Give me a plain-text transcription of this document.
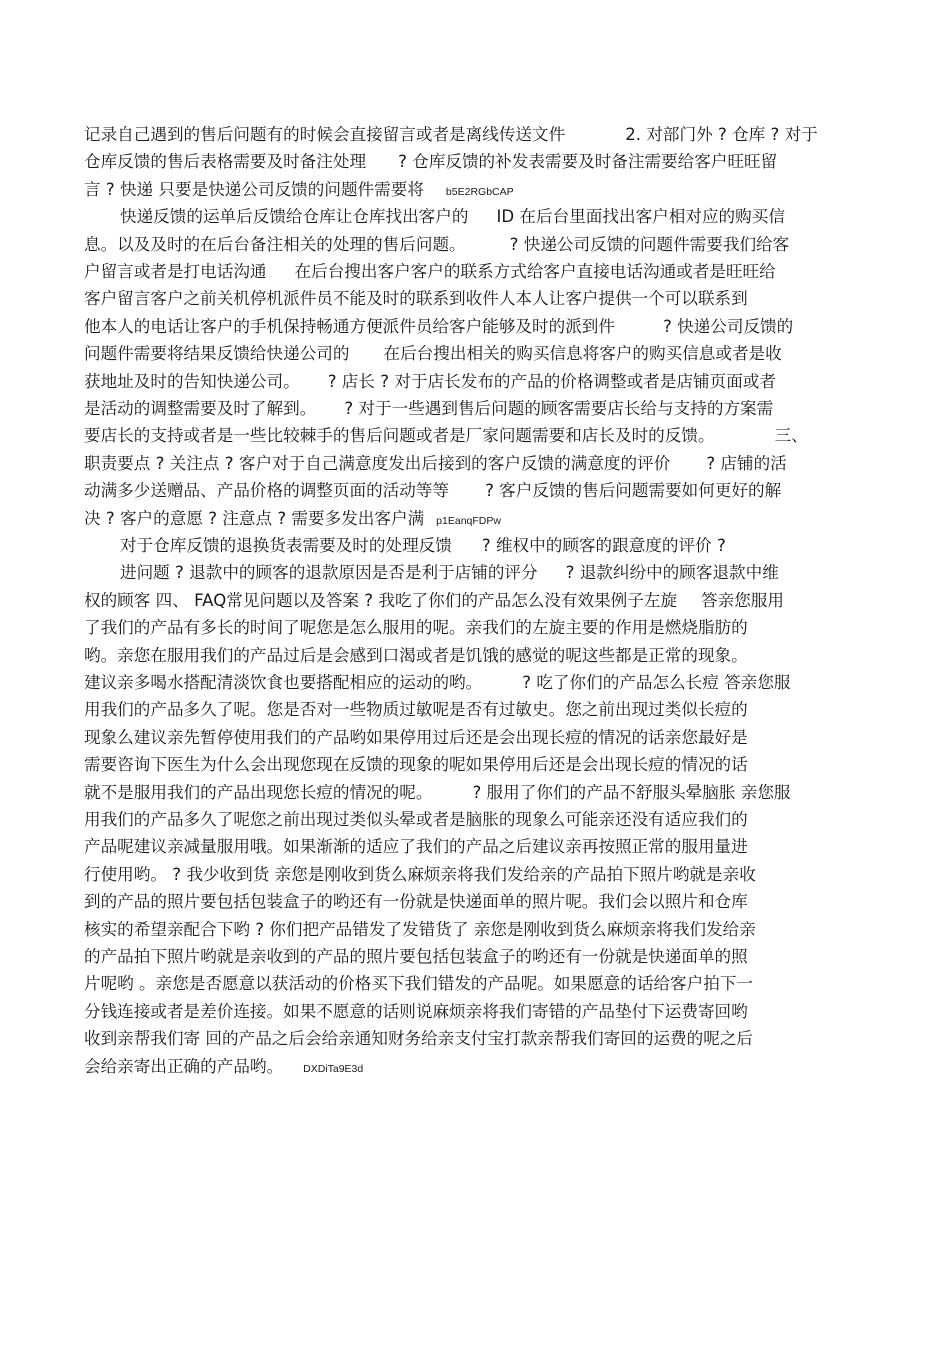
记录自己遇到的售后问题有的时候会直接留言或者是离线传送文件	2. 对部门外 ? 仓库 ? 对于
仓库反馈的售后表格需要及时备注处理 ? 仓库反馈的补发表需要及时备注需要给客户旺旺留
言 ? 快递 只要是快递公司反馈的问题件需要将 b5E2RGbCAP
快递反馈的运单后反馈给仓库让仓库找出客户的 ID 在后台里面找出客户相对应的购买信
息。以及及时的在后台备注相关的处理的售后问题。	? 快递公司反馈的问题件需要我们给客
户留言或者是打电话沟通 在后台搜出客户客户的联系方式给客户直接电话沟通或者是旺旺给
客户留言客户之前关机停机派件员不能及时的联系到收件人本人让客户提供一个可以联系到
他本人的电话让客户的手机保持畅通方便派件员给客户能够及时的派到件	? 快递公司反馈的
问题件需要将结果反馈给快递公司的 在后台搜出相关的购买信息将客户的购买信息或者是收
获地址及时的告知快递公司。 ? 店长 ? 对于店长发布的产品的价格调整或者是店铺页面或者
是活动的调整需要及时了解到。 ? 对于一些遇到售后问题的顾客需要店长给与支持的方案需
要店长的支持或者是一些比较棘手的售后问题或者是厂家问题需要和店长及时的反馈。	三、
职责要点 ? 关注点 ? 客户对于自己满意度发出后接到的客户反馈的满意度的评价 ? 店铺的活
动满多少送赠品、产品价格的调整页面的活动等等 ? 客户反馈的售后问题需要如何更好的解
决 ? 客户的意愿 ? 注意点 ? 需要多发出客户满 p1EanqFDPw
对于仓库反馈的退换货表需要及时的处理反馈 ? 维权中的顾客的跟意度的评价 ?
进问题 ? 退款中的顾客的退款原因是否是利于店铺的评分 ? 退款纠纷中的顾客退款中维
权的顾客 四、 FAQ常见问题以及答案 ? 我吃了你们的产品怎么没有效果例子左旋 答亲您服用
了我们的产品有多长的时间了呢您是怎么服用的呢。亲我们的左旋主要的作用是燃烧脂肪的
哟。亲您在服用我们的产品过后是会感到口渴或者是饥饿的感觉的呢这些都是正常的现象。
建议亲多喝水搭配清淡饮食也要搭配相应的运动的哟。 ? 吃了你们的产品怎么长痘 答亲您服
用我们的产品多久了呢。您是否对一些物质过敏呢是否有过敏史。您之前出现过类似长痘的
现象么建议亲先暂停使用我们的产品哟如果停用过后还是会出现长痘的情况的话亲您最好是
需要咨询下医生为什么会出现您现在反馈的现象的呢如果停用后还是会出现长痘的情况的话
就不是服用我们的产品出现您长痘的情况的呢。 ? 服用了你们的产品不舒服头晕脑胀 亲您服
用我们的产品多久了呢您之前出现过类似头晕或者是脑胀的现象么可能亲还没有适应我们的
产品呢建议亲减量服用哦。如果渐渐的适应了我们的产品之后建议亲再按照正常的服用量进
行使用哟。 ? 我少收到货 亲您是刚收到货么麻烦亲将我们发给亲的产品拍下照片哟就是亲收
到的产品的照片要包括包装盒子的哟还有一份就是快递面单的照片呢。我们会以照片和仓库
核实的希望亲配合下哟 ? 你们把产品错发了发错货了 亲您是刚收到货么麻烦亲将我们发给亲
的产品拍下照片哟就是亲收到的产品的照片要包括包装盒子的哟还有一份就是快递面单的照
片呢哟 。亲您是否愿意以获活动的价格买下我们错发的产品呢。如果愿意的话给客户拍下一
分钱连接或者是差价连接。如果不愿意的话则说麻烦亲将我们寄错的产品垫付下运费寄回哟
收到亲帮我们寄 回的产品之后会给亲通知财务给亲支付宝打款亲帮我们寄回的运费的呢之后
会给亲寄出正确的产品哟。 DXDiTa9E3d
